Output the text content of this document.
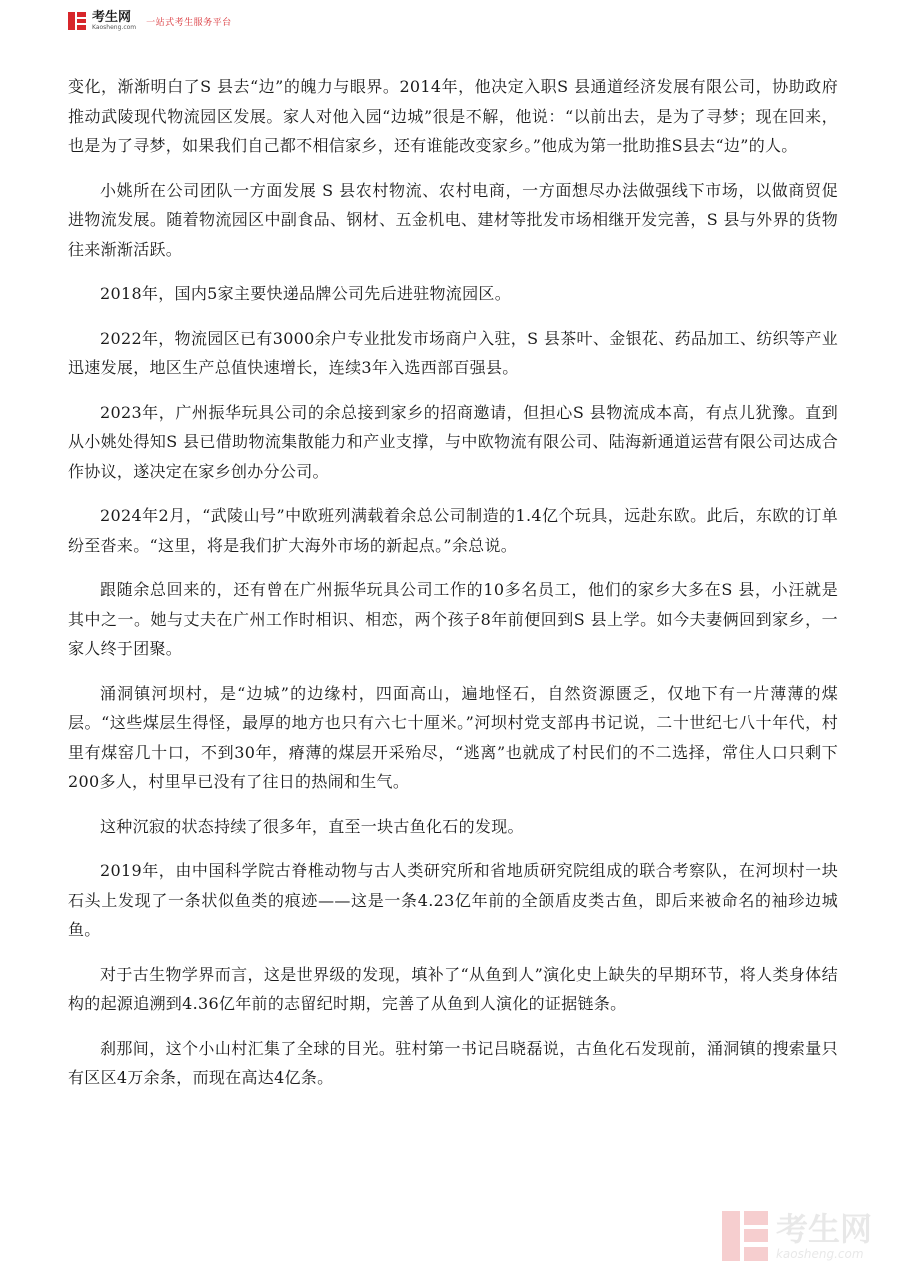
考生网
Kaosheng.com 一站式考生服务平台

变化，渐渐明白了S 县去“边”的魄力与眼界。2014年，他决定入职S 县通道经济发展有限公司，协助政府推动武陵现代物流园区发展。家人对他入园“边城”很是不解，他说：“以前出去，是为了寻梦；现在回来，也是为了寻梦，如果我们自己都不相信家乡，还有谁能改变家乡。”他成为第一批助推S县去“边”的人。

小姚所在公司团队一方面发展 S 县农村物流、农村电商，一方面想尽办法做强线下市场，以做商贸促进物流发展。随着物流园区中副食品、钢材、五金机电、建材等批发市场相继开发完善，S 县与外界的货物往来渐渐活跃。

2018年，国内5家主要快递品牌公司先后进驻物流园区。

2022年，物流园区已有3000余户专业批发市场商户入驻，S 县茶叶、金银花、药品加工、纺织等产业迅速发展，地区生产总值快速增长，连续3年入选西部百强县。

2023年，广州振华玩具公司的余总接到家乡的招商邀请，但担心S 县物流成本高，有点儿犹豫。直到从小姚处得知S 县已借助物流集散能力和产业支撑，与中欧物流有限公司、陆海新通道运营有限公司达成合作协议，遂决定在家乡创办分公司。

2024年2月，“武陵山号”中欧班列满载着余总公司制造的1.4亿个玩具，远赴东欧。此后，东欧的订单纷至沓来。“这里，将是我们扩大海外市场的新起点。”余总说。

跟随余总回来的，还有曾在广州振华玩具公司工作的10多名员工，他们的家乡大多在S 县，小汪就是其中之一。她与丈夫在广州工作时相识、相恋，两个孩子8年前便回到S 县上学。如今夫妻俩回到家乡，一家人终于团聚。

涌洞镇河坝村，是“边城”的边缘村，四面高山，遍地怪石，自然资源匮乏，仅地下有一片薄薄的煤层。“这些煤层生得怪，最厚的地方也只有六七十厘米。”河坝村党支部冉书记说，二十世纪七八十年代，村里有煤窑几十口，不到30年，瘠薄的煤层开采殆尽，“逃离”也就成了村民们的不二选择，常住人口只剩下200多人，村里早已没有了往日的热闹和生气。

这种沉寂的状态持续了很多年，直至一块古鱼化石的发现。

2019年，由中国科学院古脊椎动物与古人类研究所和省地质研究院组成的联合考察队，在河坝村一块石头上发现了一条状似鱼类的痕迹——这是一条4.23亿年前的全颌盾皮类古鱼，即后来被命名的袖珍边城鱼。

对于古生物学界而言，这是世界级的发现，填补了“从鱼到人”演化史上缺失的早期环节，将人类身体结构的起源追溯到4.36亿年前的志留纪时期，完善了从鱼到人演化的证据链条。

刹那间，这个小山村汇集了全球的目光。驻村第一书记吕晓磊说，古鱼化石发现前，涌洞镇的搜索量只有区区4万余条，而现在高达4亿条。

考生网
kaosheng.com
